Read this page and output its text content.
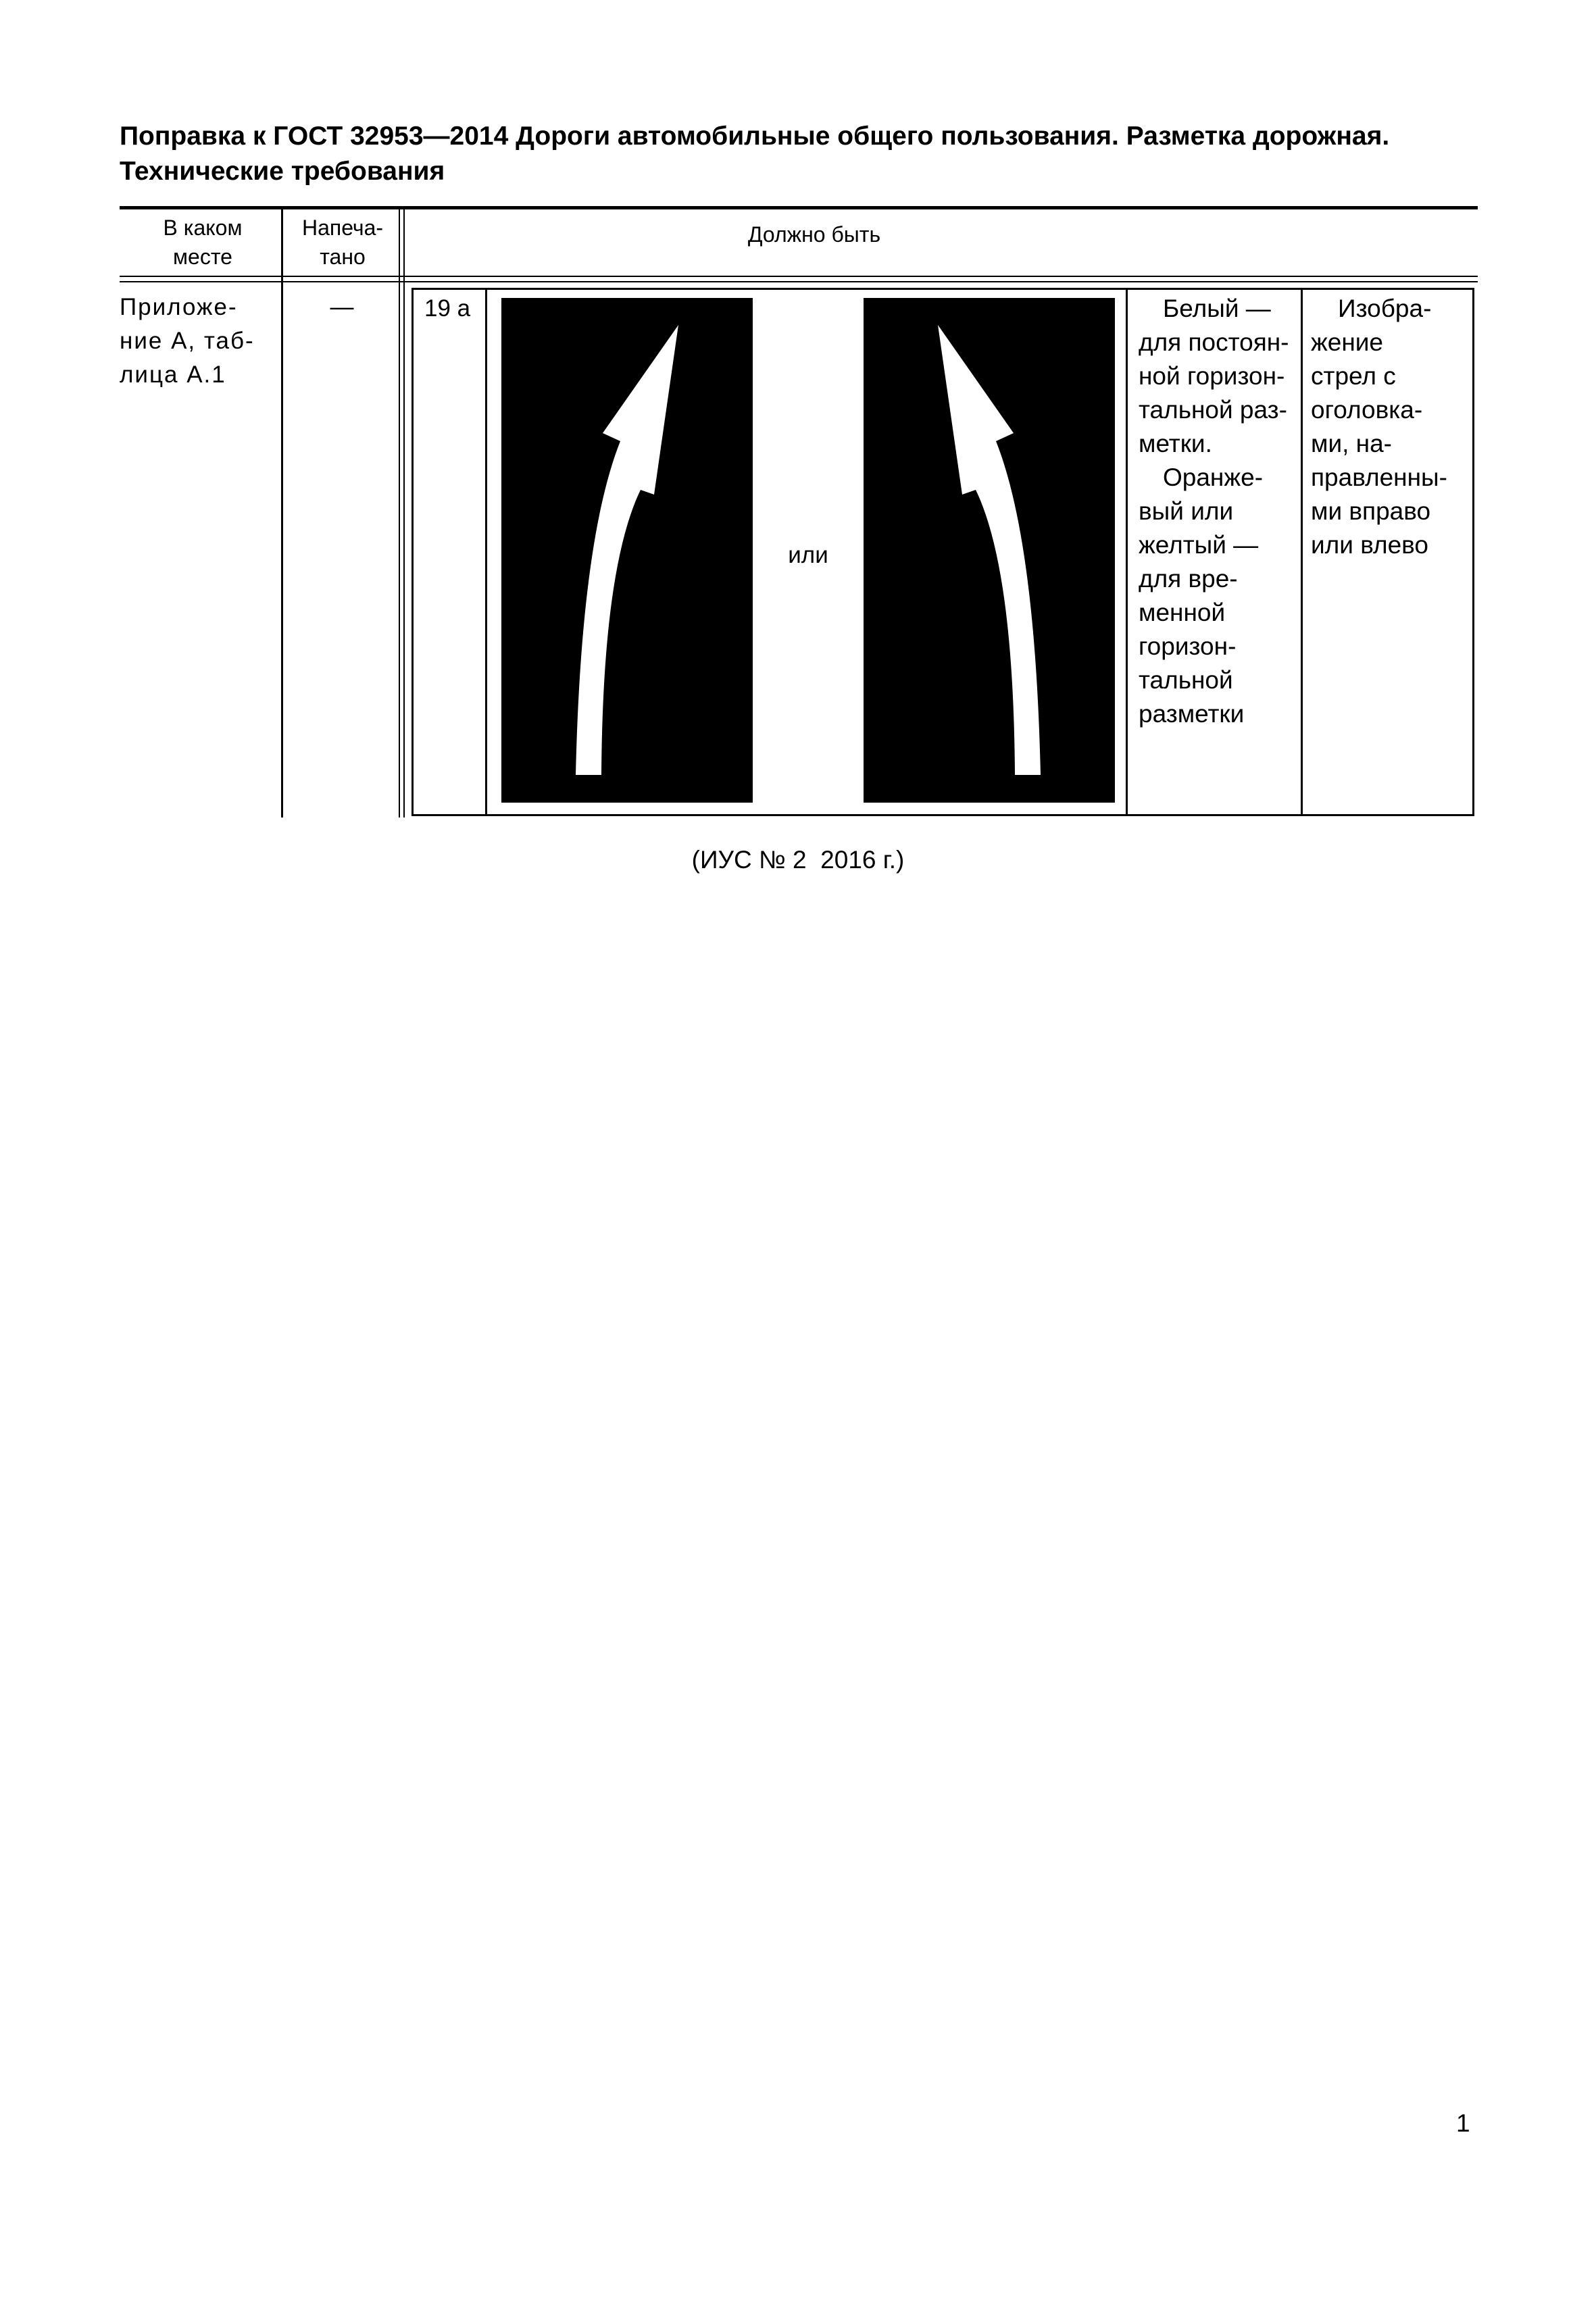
Поправка к ГОСТ 32953—2014 Дороги автомобильные общего пользования. Разметка дорожная.
Технические требования
В каком
месте
Напеча-
тано
Должно быть
Приложе-
ние А, таб-
лица А.1
—	19 а
или
Белый —
для постоян-
ной горизон-
тальной раз-
метки.
Оранже-
вый или
желтый —
для вре-
менной
горизон-
тальной
разметки
Изобра-
жение
стрел с
оголовка-
ми, на-
правленны-
ми вправо
или влево
(ИУС № 2  2016 г.)
1
